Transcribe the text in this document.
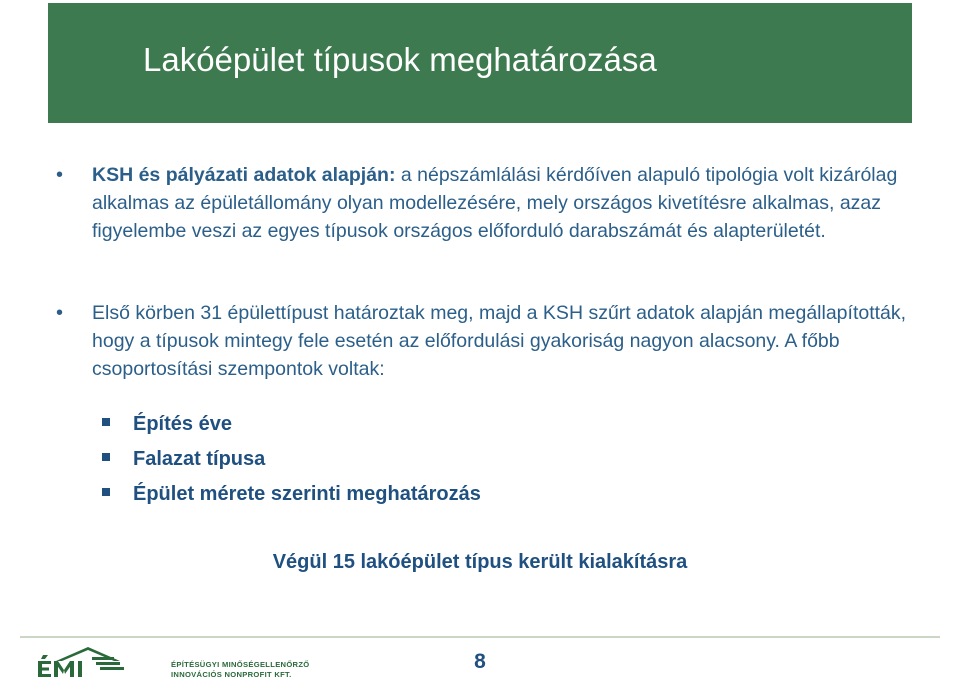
Lakóépület típusok meghatározása
• KSH és pályázati adatok alapján: a népszámlálási kérdőíven alapuló tipológia volt kizárólag alkalmas az épületállomány olyan modellezésére, mely országos kivetítésre alkalmas, azaz figyelembe veszi az egyes típusok országos előforduló darabszámát és alapterületét.
• Első körben 31 épülettípust határoztak meg, majd a KSH szűrt adatok alapján megállapították, hogy a típusok mintegy fele esetén az előfordulási gyakoriság nagyon alacsony. A főbb csoportosítási szempontok voltak:
Építés éve
Falazat típusa
Épület mérete szerinti meghatározás
Végül 15 lakóépület típus került kialakításra
ÉPÍTÉSÜGYI MINŐSÉGELLENŐRZŐ
INNOVÁCIÓS NONPROFIT KFT.
8
